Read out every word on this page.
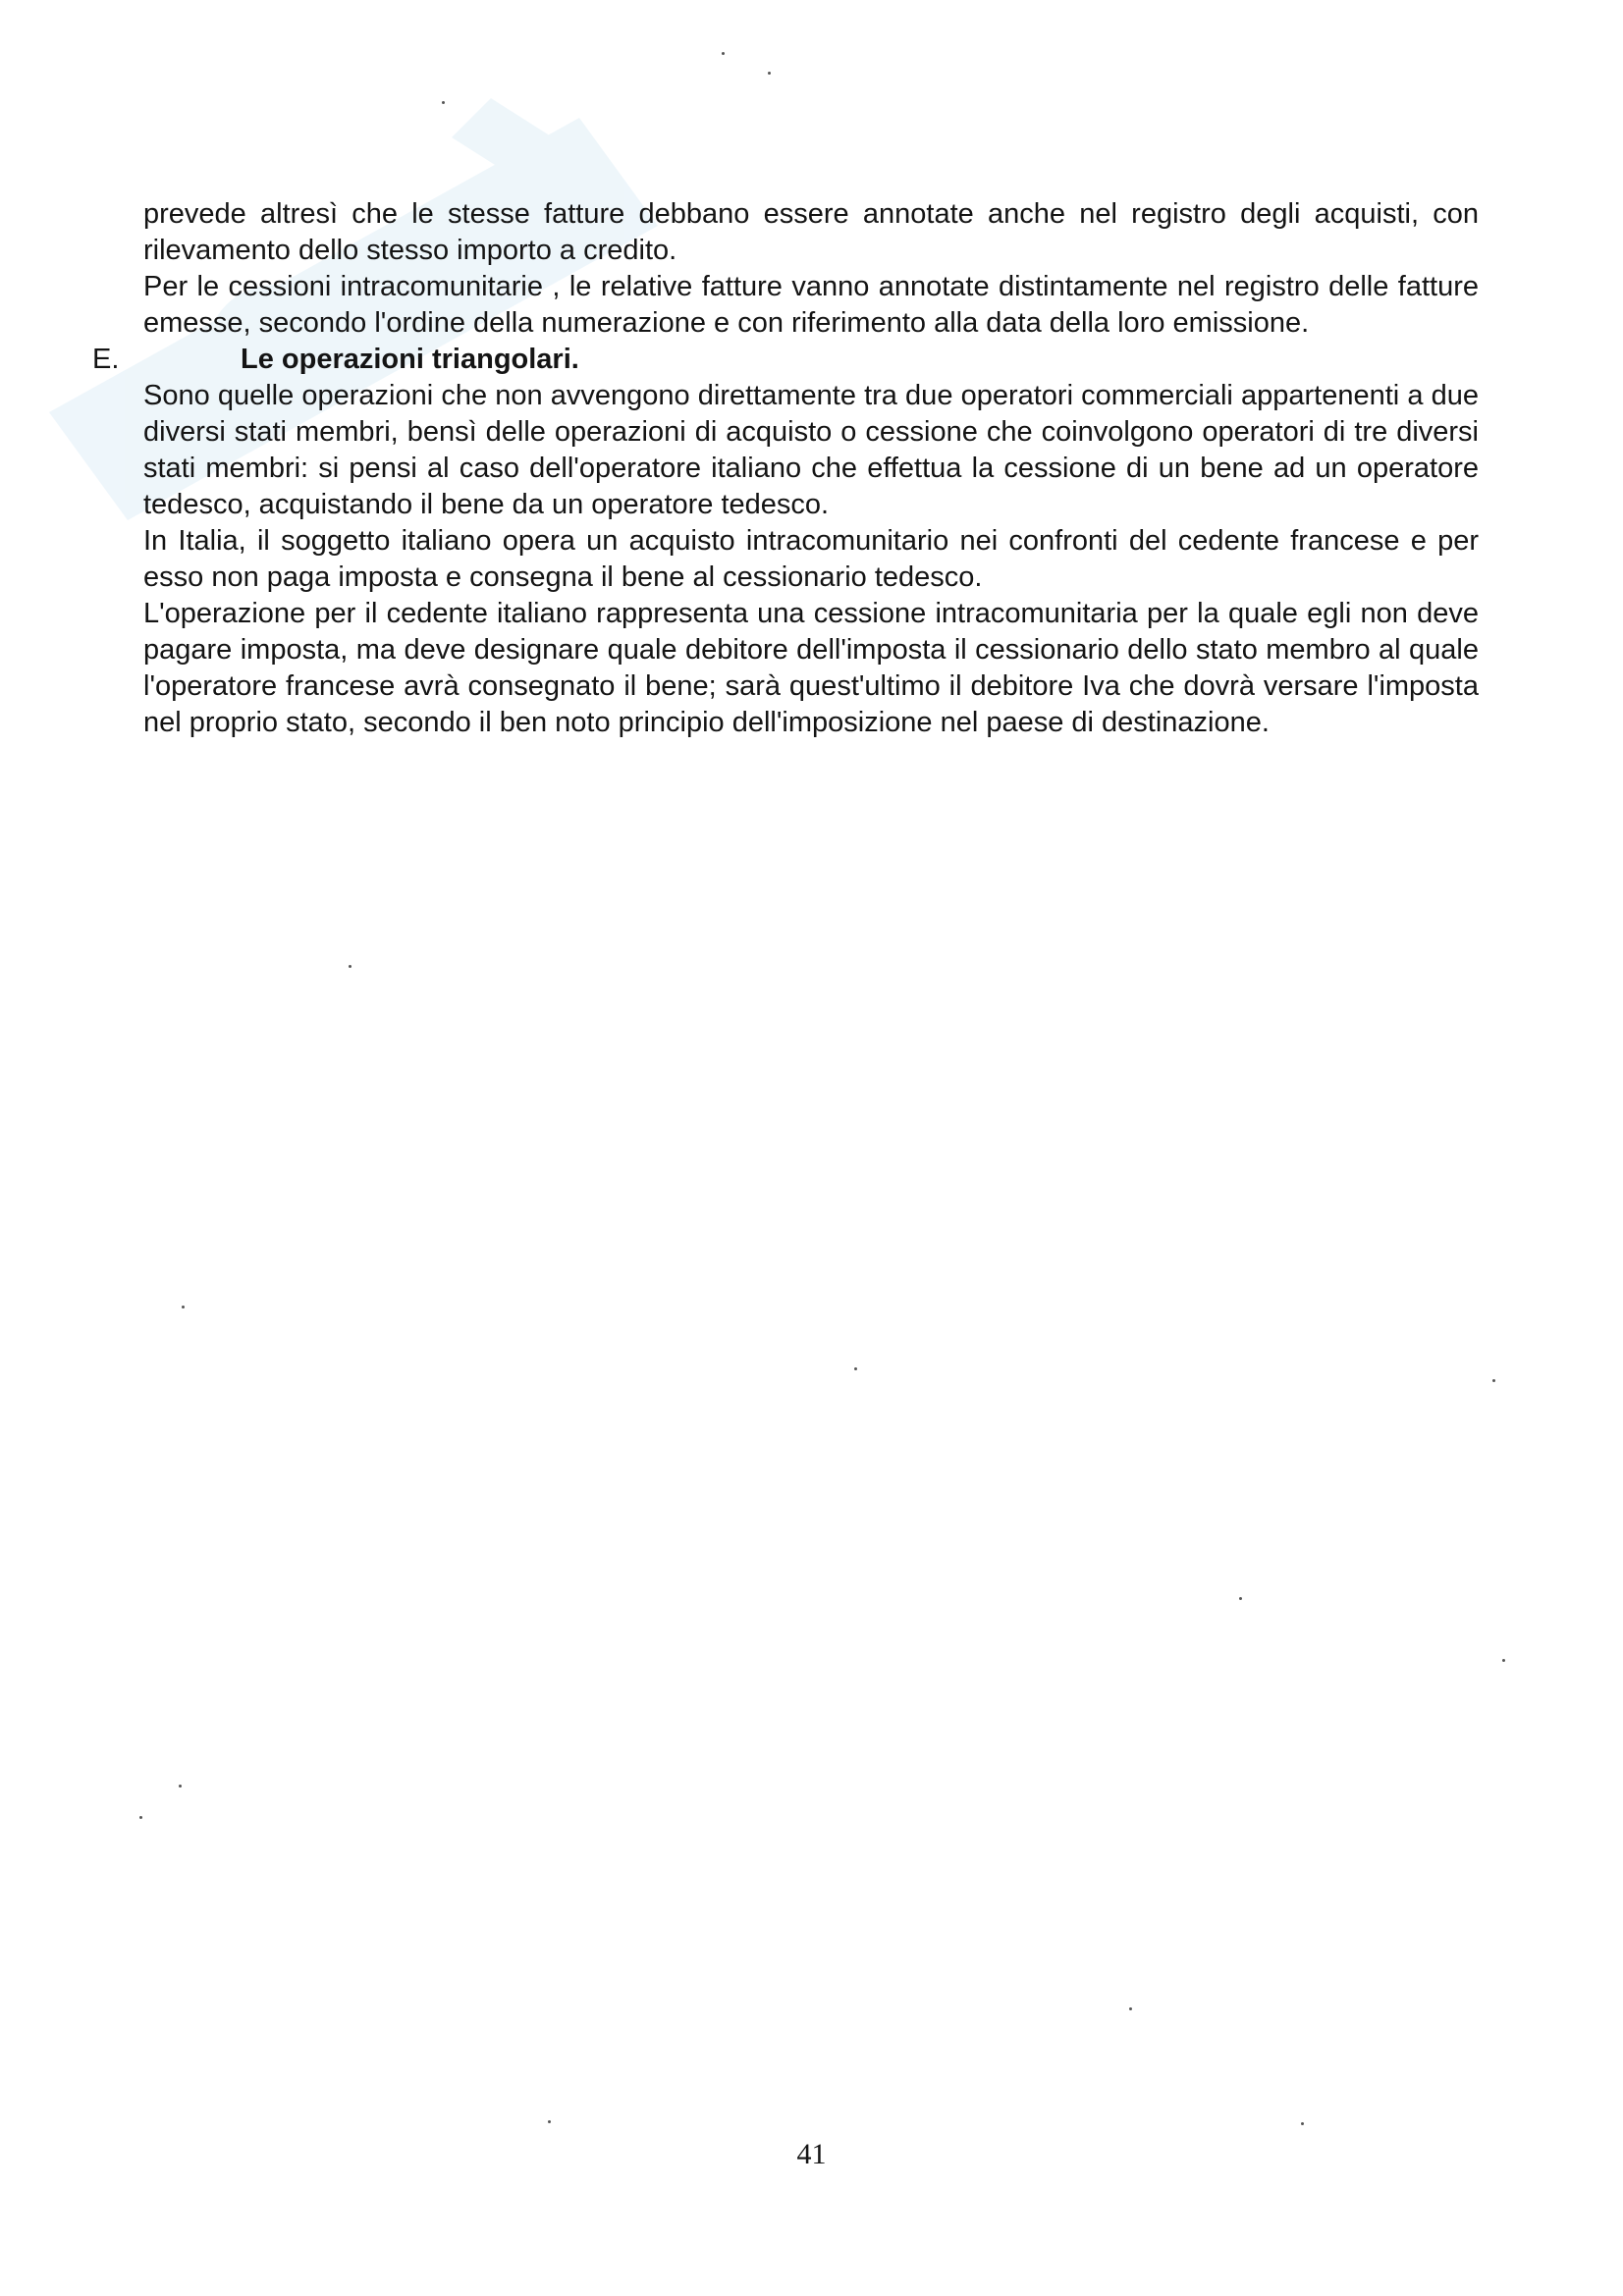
prevede altresì che le stesse fatture debbano essere annotate anche nel registro degli acquisti, con rilevamento dello stesso importo a credito.

Per le cessioni intracomunitarie , le relative fatture vanno annotate distintamente nel registro delle fatture emesse, secondo l'ordine della numerazione e con riferimento alla data della loro emissione.

E.	Le operazioni triangolari.

Sono quelle operazioni che non avvengono direttamente tra due operatori commerciali appartenenti a due diversi stati membri, bensì delle operazioni di acquisto o cessione che coinvolgono operatori di tre diversi stati membri: si pensi al caso dell'operatore italiano che effettua la cessione di un bene ad un operatore tedesco, acquistando il bene da un operatore tedesco.

In Italia, il soggetto italiano opera un acquisto intracomunitario nei confronti del cedente francese e per esso non paga imposta e consegna il bene al cessionario tedesco.

L'operazione per il cedente italiano rappresenta una cessione intracomunitaria per la quale egli non deve pagare imposta, ma deve designare quale debitore dell'imposta il cessionario dello stato membro al quale l'operatore francese avrà consegnato il bene; sarà quest'ultimo il debitore Iva che dovrà versare l'imposta nel proprio stato, secondo il ben noto principio dell'imposizione nel paese di destinazione.

41
